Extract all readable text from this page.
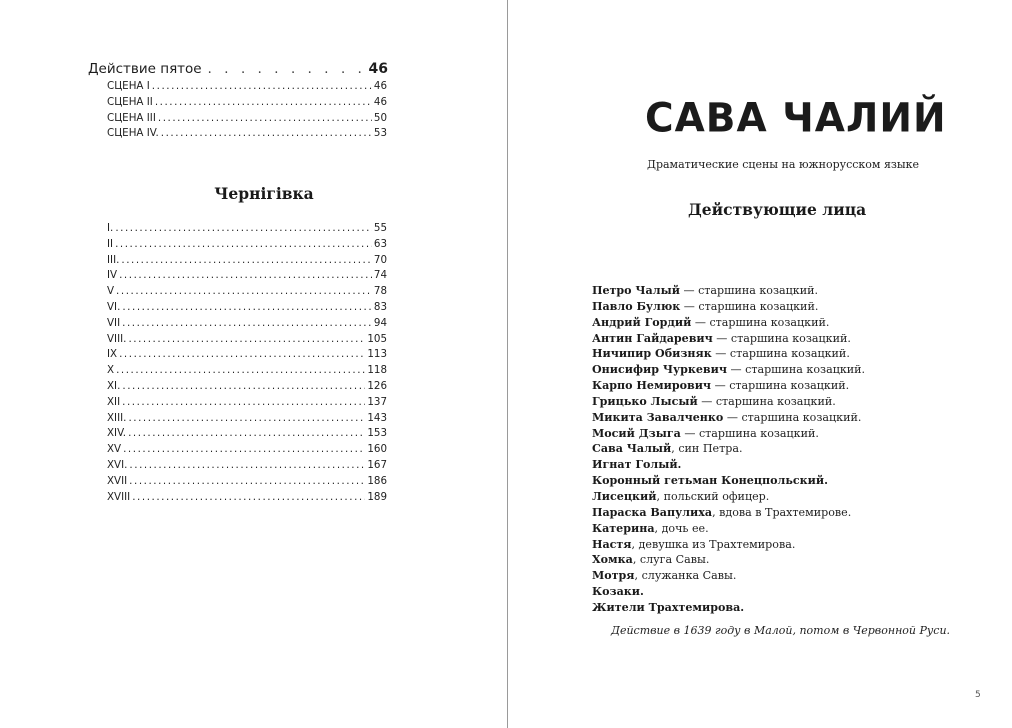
Действие пятое . . .	46
СЦЕНА I .....	46
СЦЕНА II .....	46
СЦЕНА III .....	50
СЦЕНА IV. .....	53
Чернігівка
I. .....	55
II .....	63
III. .....	70
IV .....	74
V .....	78
VI. .....	83
VII .....	94
VIII. .....	105
IX .....	113
X .....	118
XI. .....	126
XII .....	137
XIII. .....	143
XIV. .....	153
XV .....	160
XVI. .....	167
XVII .....	186
XVIII .....	189
САВА ЧАЛИЙ
Драматические сцены на южнорусском языке
Действующие лица
Петро Чалый — старшина козацкий.
Павло Булюк — старшина козацкий.
Андрий Гордий — старшина козацкий.
Антин Гайдаревич — старшина козацкий.
Ничипир Обизняк — старшина козацкий.
Онисифир Чуркевич — старшина козацкий.
Карпо Немирович — старшина козацкий.
Грицько Лысый — старшина козацкий.
Микита Завалченко — старшина козацкий.
Мосий Дзыга — старшина козацкий.
Сава Чалый, син Петра.
Игнат Голый.
Коронный гетьман Конецпольский.
Лисецкий, польский офицер.
Параска Вапулиха, вдова в Трахтемирове.
Катерина, дочь ее.
Настя, девушка из Трахтемирова.
Хомка, слуга Савы.
Мотря, служанка Савы.
Козаки.
Жители Трахтемирова.
Действие в 1639 году в Малой, потом в Червонной Руси.
5
